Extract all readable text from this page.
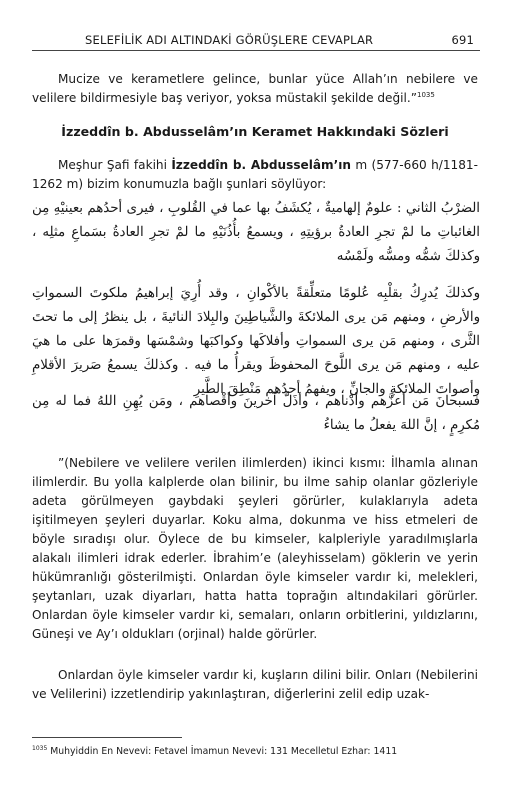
SELEFİLİK ADI ALTINDAKİ GÖRÜŞLERE CEVAPLAR	691
Mucize ve kerametlere gelince, bunlar yüce Allah’ın nebilere ve velilere bildirmesiyle baş veriyor, yoksa müstakil şekilde değil.”$^{1035}$
İzzeddîn b. Abdusselâm’ın Keramet Hakkındaki Sözleri
Meşhur Şafi fakihi İzzeddîn b. Abdusselâm’ın m (577-660 h/1181-1262 m) bizim konumuzla bağlı şunlari söylüyor:
الضرْبُ الثاني : علومٌ إلهاميةٌ ، يُكشَفُ بها عما في القُلوبِ ، فيرى أحدُهم بعينيْهِ مِن الغائباتِ ما لمْ تجرِ العادةُ برؤيتِهِ ، ويسمعُ بأُذُنَيْهِ ما لمْ تجرِ العادةُ بسَماعِ مثلِه ، وكذلكَ شمُّه ومسُّه ولَمْسُه
وكذلكَ يُدرِكُ بقلْبِه عُلومًا متعلِّقةً بالأكْوانِ ، وقد أُرِيَ إبراهيمُ ملكوتَ السمواتِ والأرضِ ، ومنهم مَن يرى الملائكةَ والشَّياطِينَ والبِلادَ النائيةَ ، بل ينظرُ إلى ما تحتَ الثَّرى ، ومنهم مَن يرى السمواتِ وأفلاكَها وكواكبَها وشمْسَها وقمرَها على ما هيَ عليه ، ومنهم مَن يرى اللَّوحَ المحفوظَ ويقرأُ ما فيه . وكذلكَ يسمعُ صَريرَ الأقلامِ وأصواتَ الملائكةِ والجانِّ ، ويفهمُ أحدُهم مَنْطِقَ الطَّيرِ
فسبحانَ مَن أعزَّهم وأدْناهم ، وأذَلَّ آخرينَ وأقْصاهم ، ومَن يُهِنِ اللهُ فما له مِن مُكرِمٍ ، إنَّ اللهَ يفعلُ ما يشاءُ
”(Nebilere ve velilere verilen ilimlerden) ikinci kısmı: İlhamla alınan ilimlerdir. Bu yolla kalplerde olan bilinir, bu ilme sahip olanlar gözleriyle adeta görülmeyen gaybdaki şeyleri görürler, kulaklarıyla adeta işitilmeyen şeyleri duyarlar. Koku alma, dokunma ve hiss etmeleri de böyle sıradışı olur. Öylece de bu kimseler, kalpleriyle yaradılmışlarla alakalı ilimleri idrak ederler. İbrahim’e (aleyhisselam) göklerin ve yerin hükümranlığı gösterilmişti. Onlardan öyle kimseler vardır ki, melekleri, şeytanları, uzak diyarları, hatta hatta toprağın altındakilari görürler. Onlardan öyle kimseler vardır ki, semaları, onların orbitlerini, yıldızlarını, Güneşi ve Ay’ı oldukları (orjinal) halde görürler.
Onlardan öyle kimseler vardır ki, kuşların dilini bilir. Onları (Nebilerini ve Velilerini) izzetlendirip yakınlaştıran, diğerlerini zelil edip uzak-
$^{1035}$ Muhyiddin En Nevevi: Fetavel İmamun Nevevi: 131 Mecelletul Ezhar: 1411
